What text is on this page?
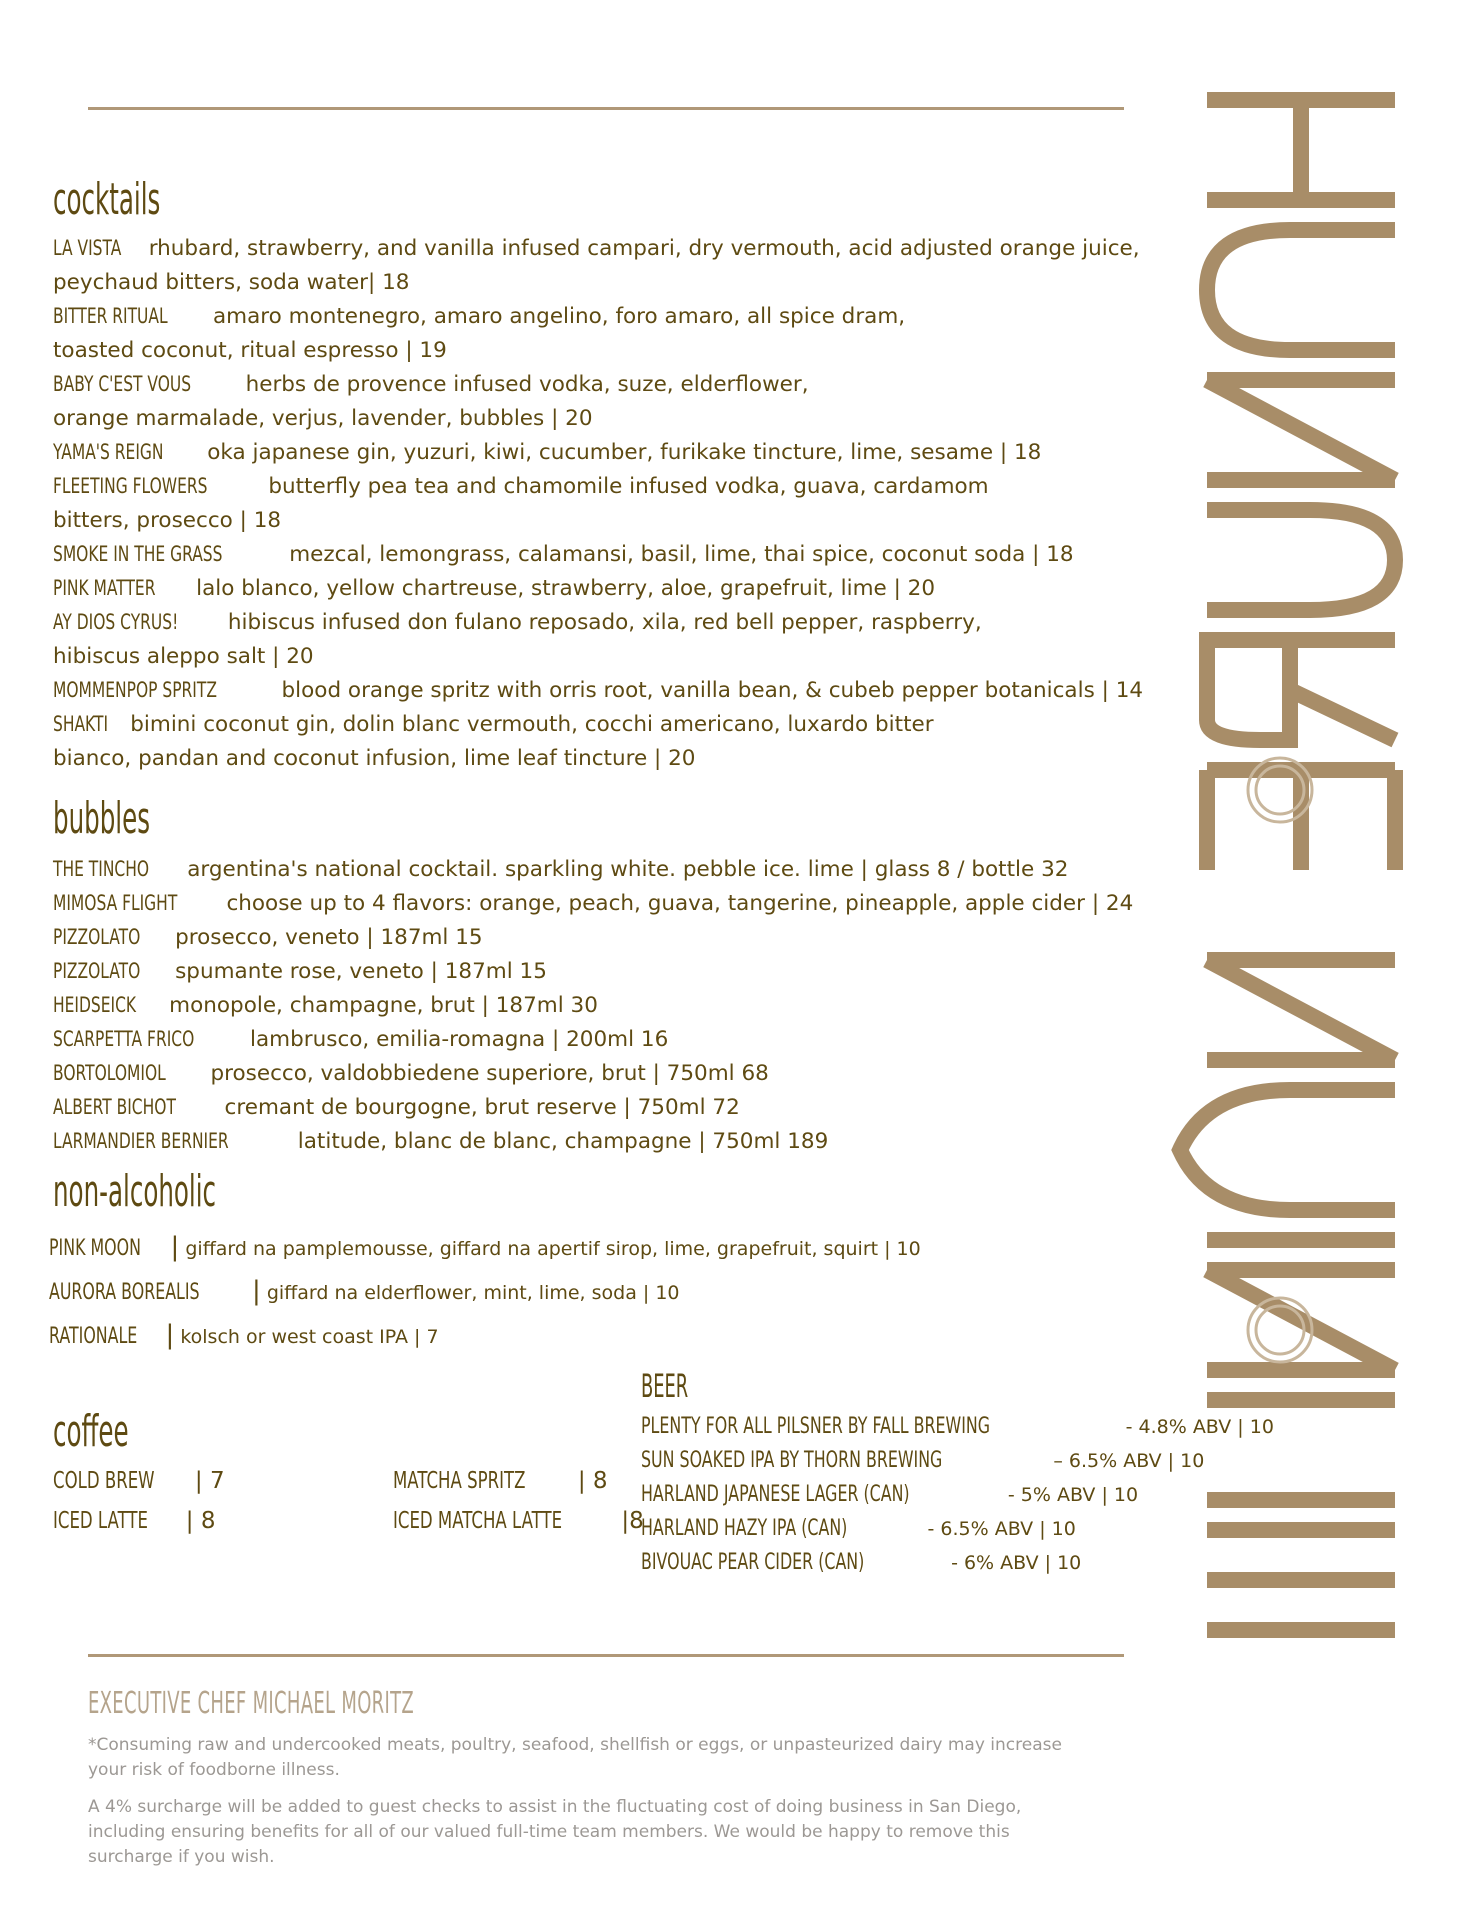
cocktails
LA VISTA rhubard, strawberry, and vanilla infused campari, dry vermouth, acid adjusted orange juice,
peychaud bitters, soda water| 18
BITTER RITUAL amaro montenegro, amaro angelino, foro amaro, all spice dram,
toasted coconut, ritual espresso | 19
BABY C'EST VOUS	herbs de provence infused vodka, suze, elderflower,
orange marmalade, verjus, lavender, bubbles | 20
YAMA'S REIGN oka japanese gin, yuzuri, kiwi, cucumber, furikake tincture, lime, sesame | 18
FLEETING FLOWERS	butterfly pea tea and chamomile infused vodka, guava, cardamom
bitters, prosecco | 18
SMOKE IN THE GRASS	mezcal, lemongrass, calamansi, basil, lime, thai spice, coconut soda | 18
PINK MATTER lalo blanco, yellow chartreuse, strawberry, aloe, grapefruit, lime | 20
AY DIOS CYRUS! hibiscus infused don fulano reposado, xila, red bell pepper, raspberry,
hibiscus aleppo salt | 20
MOMMENPOP SPRITZ	blood orange spritz with orris root, vanilla bean, & cubeb pepper botanicals | 14
SHAKTI bimini coconut gin, dolin blanc vermouth, cocchi americano, luxardo bitter
bianco, pandan and coconut infusion, lime leaf tincture | 20
bubbles
THE TINCHO argentina's national cocktail. sparkling white. pebble ice. lime | glass 8 / bottle 32
MIMOSA FLIGHT choose up to 4 flavors: orange, peach, guava, tangerine, pineapple, apple cider | 24
PIZZOLATO prosecco, veneto | 187ml 15
PIZZOLATO spumante rose, veneto | 187ml 15
HEIDSEICK monopole, champagne, brut | 187ml 30
SCARPETTA FRICO	lambrusco, emilia-romagna | 200ml 16
BORTOLOMIOL prosecco, valdobbiedene superiore, brut | 750ml 68
ALBERT BICHOT cremant de bourgogne, brut reserve | 750ml 72
LARMANDIER BERNIER	latitude, blanc de blanc, champagne | 750ml 189
non-alcoholic
PINK MOON | giffard na pamplemousse, giffard na apertif sirop, lime, grapefruit, squirt | 10
AURORA BOREALIS | giffard na elderflower, mint, lime, soda | 10
RATIONALE | kolsch or west coast IPA | 7
coffee
COLD BREW | 7
ICED LATTE | 8
MATCHA SPRITZ | 8
ICED MATCHA LATTE	|8
BEER
PLENTY FOR ALL PILSNER BY FALL BREWING	- 4.8% ABV | 10
SUN SOAKED IPA BY THORN BREWING	– 6.5% ABV | 10
HARLAND JAPANESE LAGER (CAN)	- 5% ABV | 10
HARLAND HAZY IPA (CAN)	- 6.5% ABV | 10
BIVOUAC PEAR CIDER (CAN)	- 6% ABV | 10
EXECUTIVE CHEF MICHAEL MORITZ
*Consuming raw and undercooked meats, poultry, seafood, shellfish or eggs, or unpasteurized dairy may increase your risk of foodborne illness.
A 4% surcharge will be added to guest checks to assist in the fluctuating cost of doing business in San Diego, including ensuring benefits for all of our valued full-time team members. We would be happy to remove this surcharge if you wish.
